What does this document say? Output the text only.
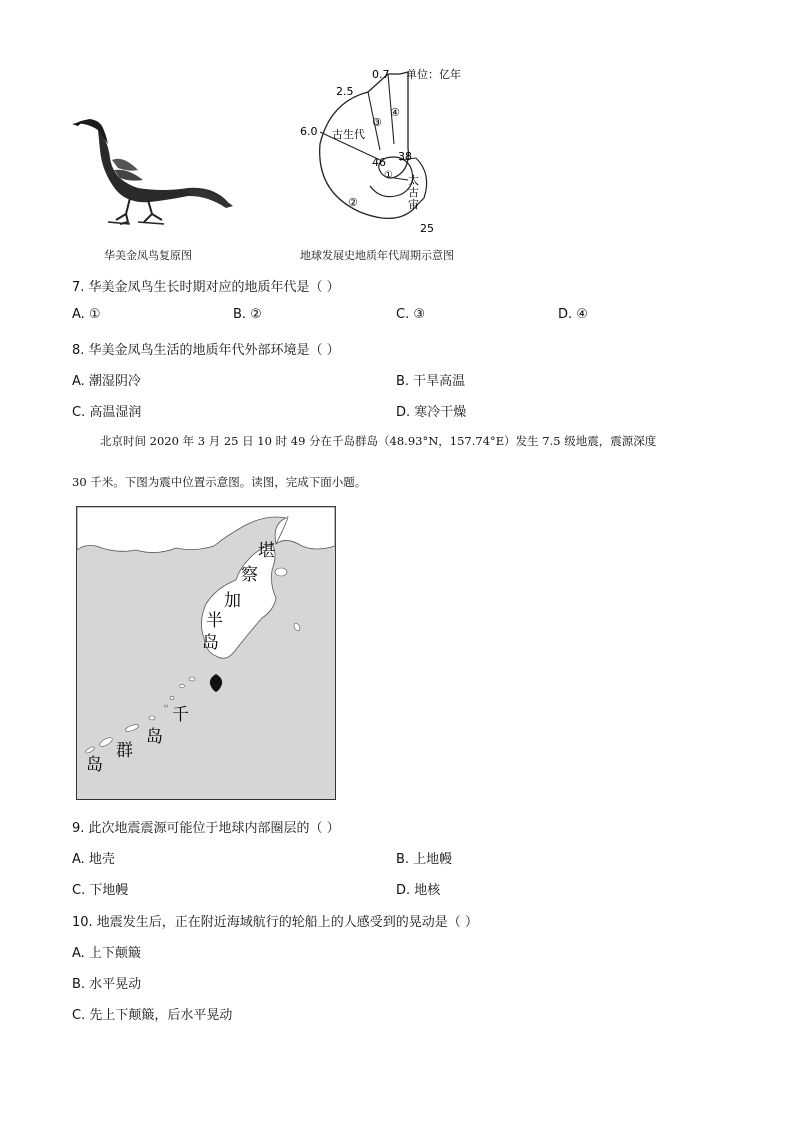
华美金凤鸟复原图
0.7 单位：亿年
2.5
6.0 古生代
③
④
46 38
①
②
太
古
宙
25
地球发展史地质年代周期示意图
7. 华美金凤鸟生长时期对应的地质年代是（ ）
A. ①	B. ②	C. ③	D. ④
8. 华美金凤鸟生活的地质年代外部环境是（ ）
A. 潮湿阴冷	B. 干旱高温
C. 高温湿润	D. 寒冷干燥
北京时间 2020 年 3 月 25 日 10 时 49 分在千岛群岛（48.93°N，157.74°E）发生 7.5 级地震，震源深度
30 千米。下图为震中位置示意图。读图，完成下面小题。
堪
察
加
半
岛
千
岛
群
岛
9. 此次地震震源可能位于地球内部圈层的（ ）
A. 地壳	B. 上地幔
C. 下地幔	D. 地核
10. 地震发生后，正在附近海域航行的轮船上的人感受到的晃动是（ ）
A. 上下颠簸
B. 水平晃动
C. 先上下颠簸，后水平晃动
